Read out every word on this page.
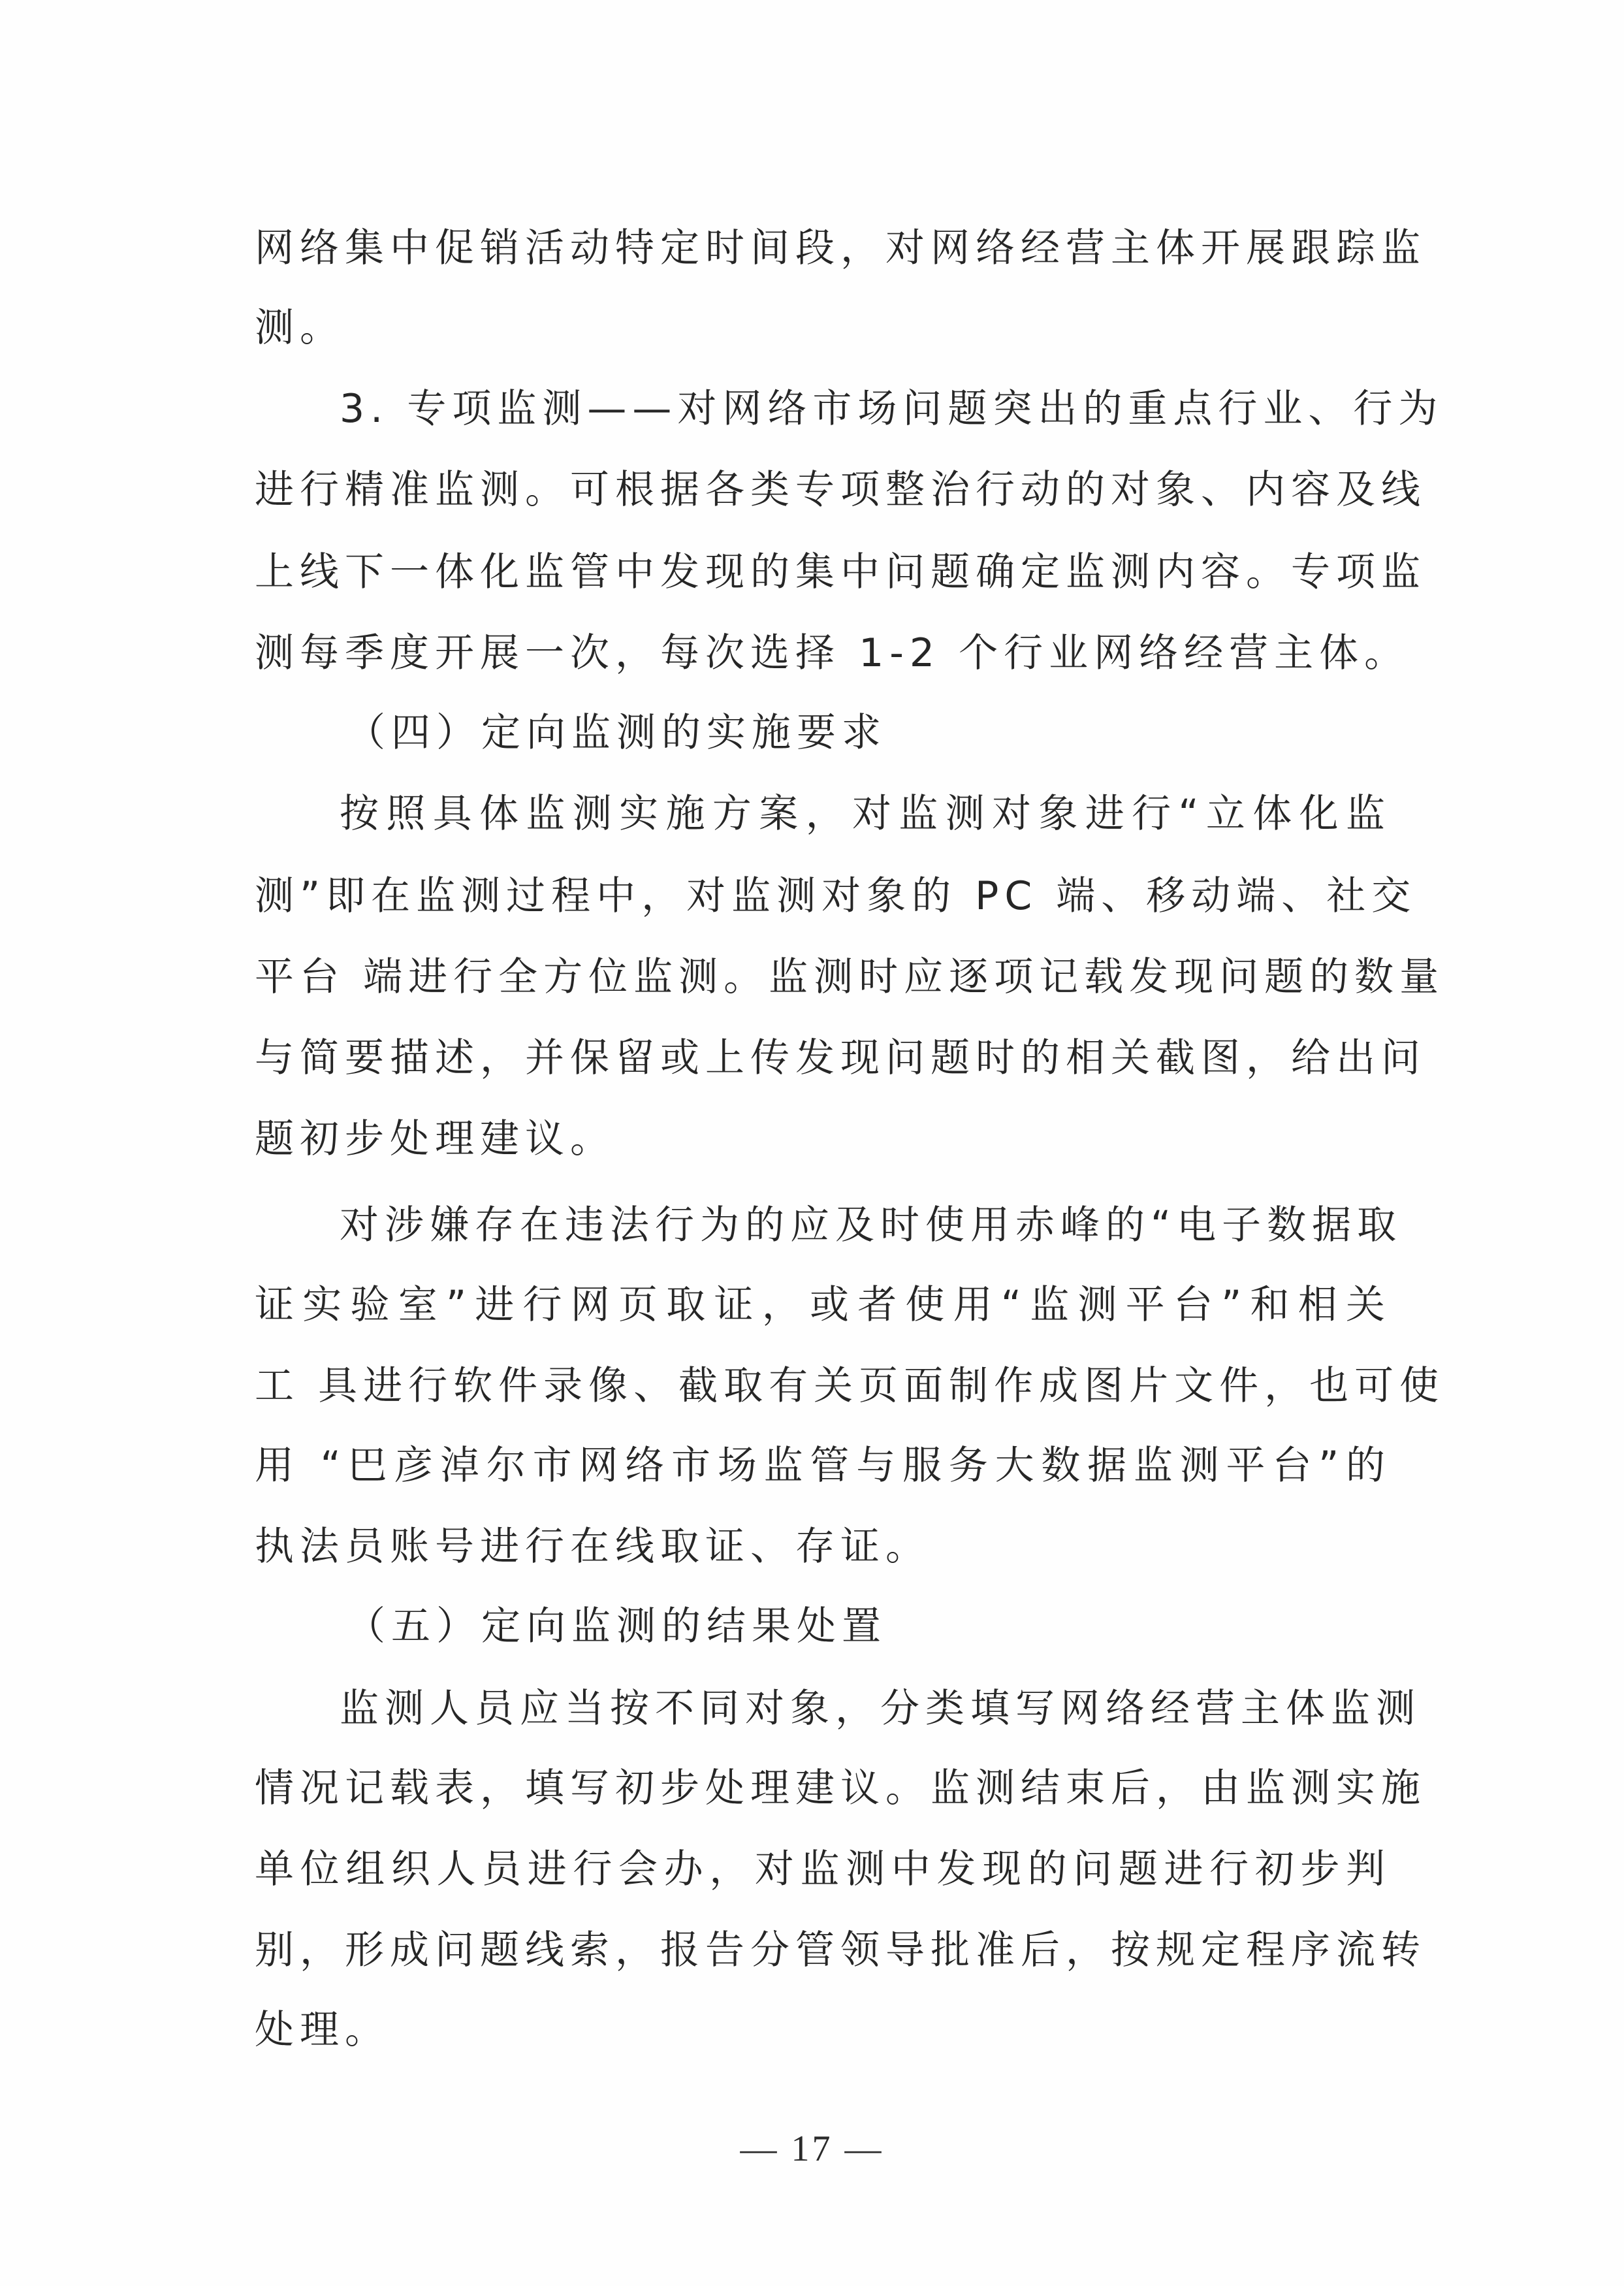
网络集中促销活动特定时间段，对网络经营主体开展跟踪监
测。
3. 专项监测——对网络市场问题突出的重点行业、行为
进行精准监测。可根据各类专项整治行动的对象、内容及线
上线下一体化监管中发现的集中问题确定监测内容。专项监
测每季度开展一次，每次选择 1-2 个行业网络经营主体。
（四）定向监测的实施要求
按照具体监测实施方案，对监测对象进行“立体化监
测”即在监测过程中，对监测对象的 PC 端、移动端、社交
平台 端进行全方位监测。监测时应逐项记载发现问题的数量
与简要描述，并保留或上传发现问题时的相关截图，给出问
题初步处理建议。
对涉嫌存在违法行为的应及时使用赤峰的“电子数据取
证实验室”进行网页取证，或者使用“监测平台”和相关
工 具进行软件录像、截取有关页面制作成图片文件，也可使
用 “巴彦淖尔市网络市场监管与服务大数据监测平台”的
执法员账号进行在线取证、存证。
（五）定向监测的结果处置
监测人员应当按不同对象，分类填写网络经营主体监测
情况记载表，填写初步处理建议。监测结束后，由监测实施
单位组织人员进行会办，对监测中发现的问题进行初步判
别，形成问题线索，报告分管领导批准后，按规定程序流转
处理。
— 17 —
